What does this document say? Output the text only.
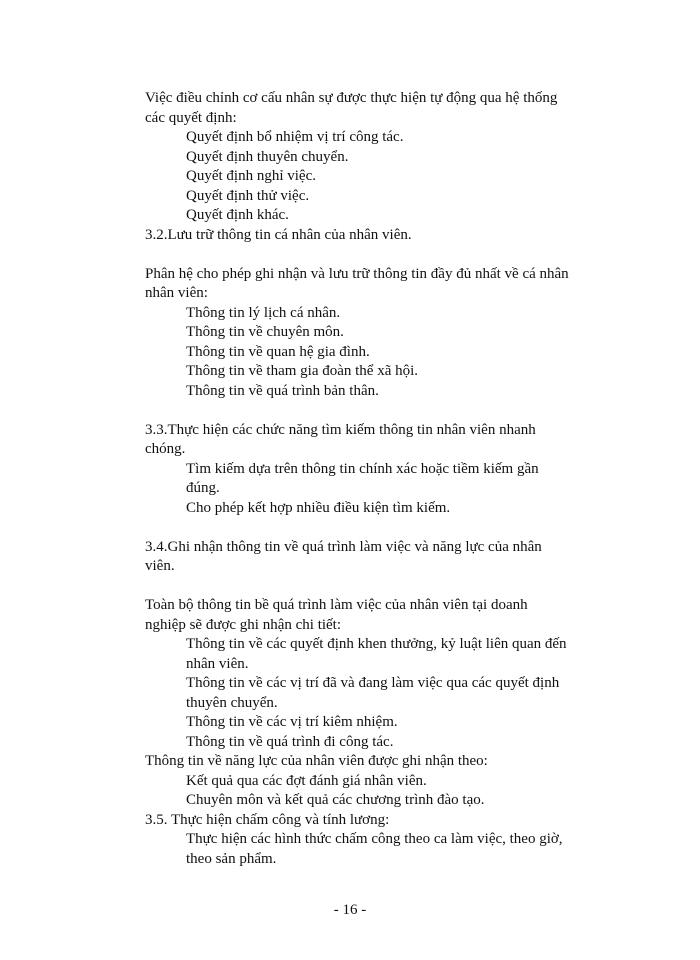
Việc điều chỉnh cơ cấu nhân sự được thực hiện tự động qua hệ thống
các quyết định:
Quyết định bổ nhiệm vị trí công tác.
Quyết định thuyên chuyển.
Quyết định nghỉ việc.
Quyết định thử việc.
Quyết định khác.
3.2.Lưu trữ thông tin cá nhân của nhân viên.
Phân hệ cho phép ghi nhận và lưu trữ thông tin đầy đủ nhất về cá nhân
nhân viên:
Thông tin lý lịch cá nhân.
Thông tin về chuyên môn.
Thông tin về quan hệ gia đình.
Thông tin về tham gia đoàn thể xã hội.
Thông tin về quá trình bản thân.
3.3.Thực hiện các chức năng tìm kiếm thông tin nhân viên nhanh
chóng.
Tìm kiếm dựa trên thông tin chính xác hoặc tiềm kiếm gần
đúng.
Cho phép kết hợp nhiều điều kiện tìm kiếm.
3.4.Ghi nhận thông tin về quá trình làm việc và năng lực của nhân
viên.
Toàn bộ thông tin bề quá trình làm việc của nhân viên tại doanh
nghiệp sẽ được ghi nhận chi tiết:
Thông tin về các quyết định khen thưởng, kỷ luật liên quan đến
nhân viên.
Thông tin về các vị trí đã và đang làm việc qua các quyết định
thuyên chuyển.
Thông tin về các vị trí kiêm nhiệm.
Thông tin về quá trình đi công tác.
Thông tin về năng lực của nhân viên được ghi nhận theo:
Kết quả qua các đợt đánh giá nhân viên.
Chuyên môn và kết quả các chương trình đào tạo.
3.5. Thực hiện chấm công và tính lương:
Thực hiện các hình thức chấm công theo ca làm việc, theo giờ,
theo sản phẩm.
- 16 -
